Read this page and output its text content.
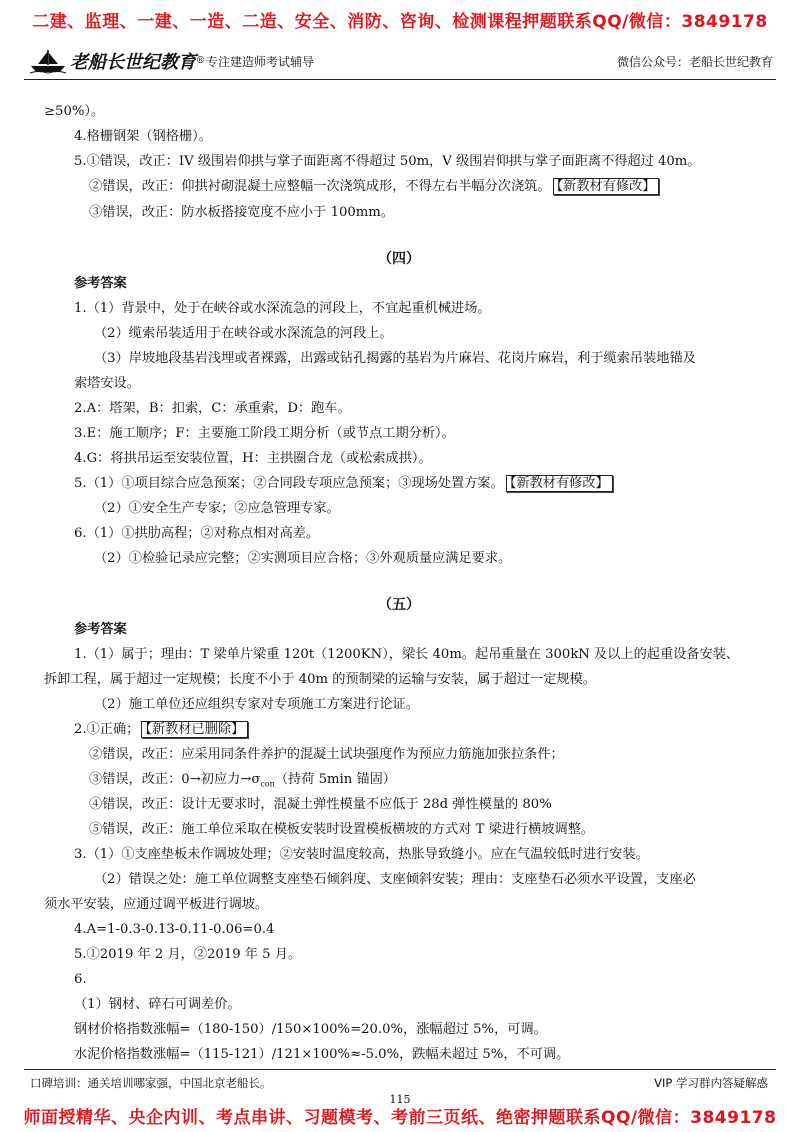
二建、监理、一建、一造、二造、安全、消防、咨询、检测课程押题联系QQ/微信：3849178
老船长世纪教育 ® 专注建造师考试辅导	微信公众号：老船长世纪教育
≥50%）。
4.格栅钢架（钢格栅）。
5.①错误，改正：IV 级围岩仰拱与掌子面距离不得超过 50m，V 级围岩仰拱与掌子面距离不得超过 40m。
②错误，改正：仰拱衬砌混凝土应整幅一次浇筑成形，不得左右半幅分次浇筑。 【新教材有修改】
③错误，改正：防水板搭接宽度不应小于 100mm。
（四）
参考答案
1.（1）背景中，处于在峡谷或水深流急的河段上，不宜起重机械进场。
（2）缆索吊装适用于在峡谷或水深流急的河段上。
（3）岸坡地段基岩浅埋或者裸露，出露或钻孔揭露的基岩为片麻岩、花岗片麻岩，利于缆索吊装地锚及
索塔安设。
2.A：塔架，B：扣索，C：承重索，D：跑车。
3.E：施工顺序；F：主要施工阶段工期分析（或节点工期分析）。
4.G：将拱吊运至安装位置，H：主拱圈合龙（或松索成拱）。
5.（1）①项目综合应急预案；②合同段专项应急预案；③现场处置方案。 【新教材有修改】
（2）①安全生产专家；②应急管理专家。
6.（1）①拱肋高程；②对称点相对高差。
（2）①检验记录应完整；②实测项目应合格；③外观质量应满足要求。
（五）
参考答案
1.（1）属于；理由：T 梁单片梁重 120t（1200KN），梁长 40m。起吊重量在 300kN 及以上的起重设备安装、
拆卸工程，属于超过一定规模；长度不小于 40m 的预制梁的运输与安装，属于超过一定规模。
（2）施工单位还应组织专家对专项施工方案进行论证。
2.①正确； 【新教材已删除】
②错误，改正：应采用同条件养护的混凝土试块强度作为预应力筋施加张拉条件；
③错误，改正：0→初应力$\to\sigma_{con}$（持荷 5min 锚固）
④错误，改正：设计无要求时，混凝土弹性模量不应低于 28d 弹性模量的 80%
⑤错误，改正：施工单位采取在模板安装时设置模板横坡的方式对 T 梁进行横坡调整。
3.（1）①支座垫板未作调坡处理；②安装时温度较高，热胀导致缝小。应在气温较低时进行安装。
（2）错误之处：施工单位调整支座垫石倾斜度、支座倾斜安装；理由：支座垫石必须水平设置，支座必
须水平安装，应通过调平板进行调坡。
4.A=1-0.3-0.13-0.11-0.06=0.4
5.①2019 年 2 月，②2019 年 5 月。
6.
（1）钢材、碎石可调差价。
钢材价格指数涨幅=（180-150）/150×100%=20.0%，涨幅超过 5%，可调。
水泥价格指数涨幅=（115-121）/121×100%≈-5.0%，跌幅未超过 5%，不可调。
口碑培训：通关培训哪家强，中国北京老船长。	VIP 学习群内答疑解惑
115
师面授精华、央企内训、考点串讲、习题模考、考前三页纸、绝密押题联系QQ/微信：3849178
